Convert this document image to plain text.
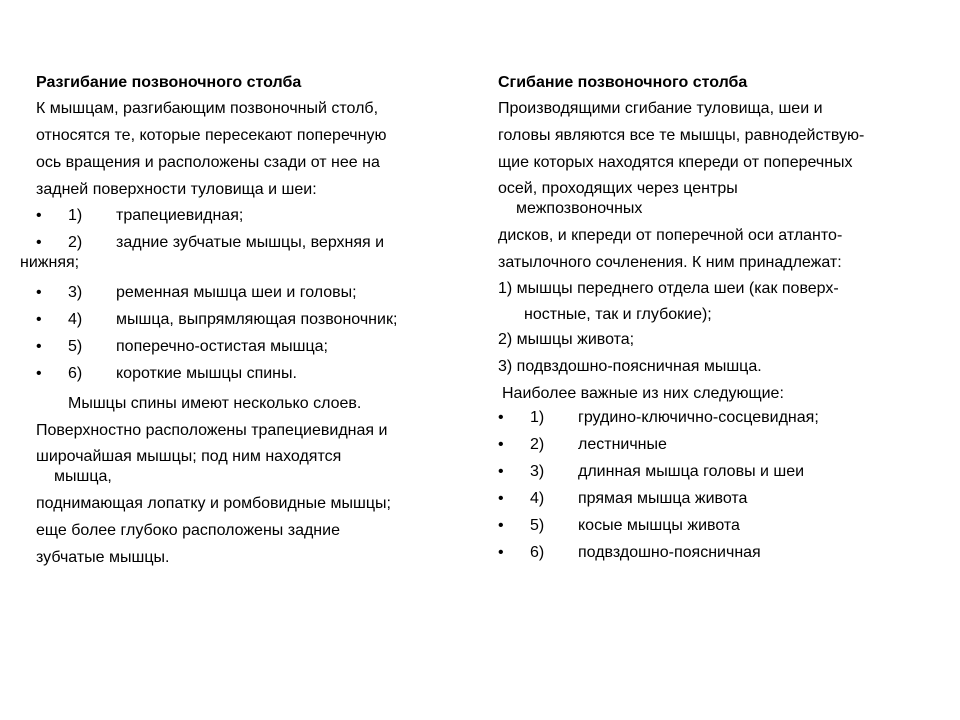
Разгибание позвоночного столба
К мышцам, разгибающим позвоночный столб,
относятся те, которые пересекают поперечную
ось вращения и расположены сзади от нее на
задней поверхности туловища и шеи:
• 1) трапециевидная;
• 2) задние зубчатые мышцы, верхняя и
нижняя;
• 3) ременная мышца шеи и головы;
• 4) мышца, выпрямляющая позвоночник;
• 5) поперечно-остистая мышца;
• 6) короткие мышцы спины.
Мышцы спины имеют несколько слоев.
Поверхностно расположены трапециевидная и
широчайшая мышцы; под ним находятся
мышца,
поднимающая лопатку и ромбовидные мышцы;
еще более глубоко расположены задние
зубчатые мышцы.
Сгибание позвоночного столба
Производящими сгибание туловища, шеи и
головы являются все те мышцы, равнодействую-
щие которых находятся кпереди от поперечных
осей, проходящих через центры
межпозвоночных
дисков, и кпереди от поперечной оси атланто-
затылочного сочленения. К ним принадлежат:
1) мышцы переднего отдела шеи (как поверх-
ностные, так и глубокие);
2) мышцы живота;
3) подвздошно-поясничная мышца.
Наиболее важные из них следующие:
• 1) грудино-ключично-сосцевидная;
• 2) лестничные
• 3) длинная мышца головы и шеи
• 4) прямая мышца живота
• 5) косые мышцы живота
• 6) подвздошно-поясничная
